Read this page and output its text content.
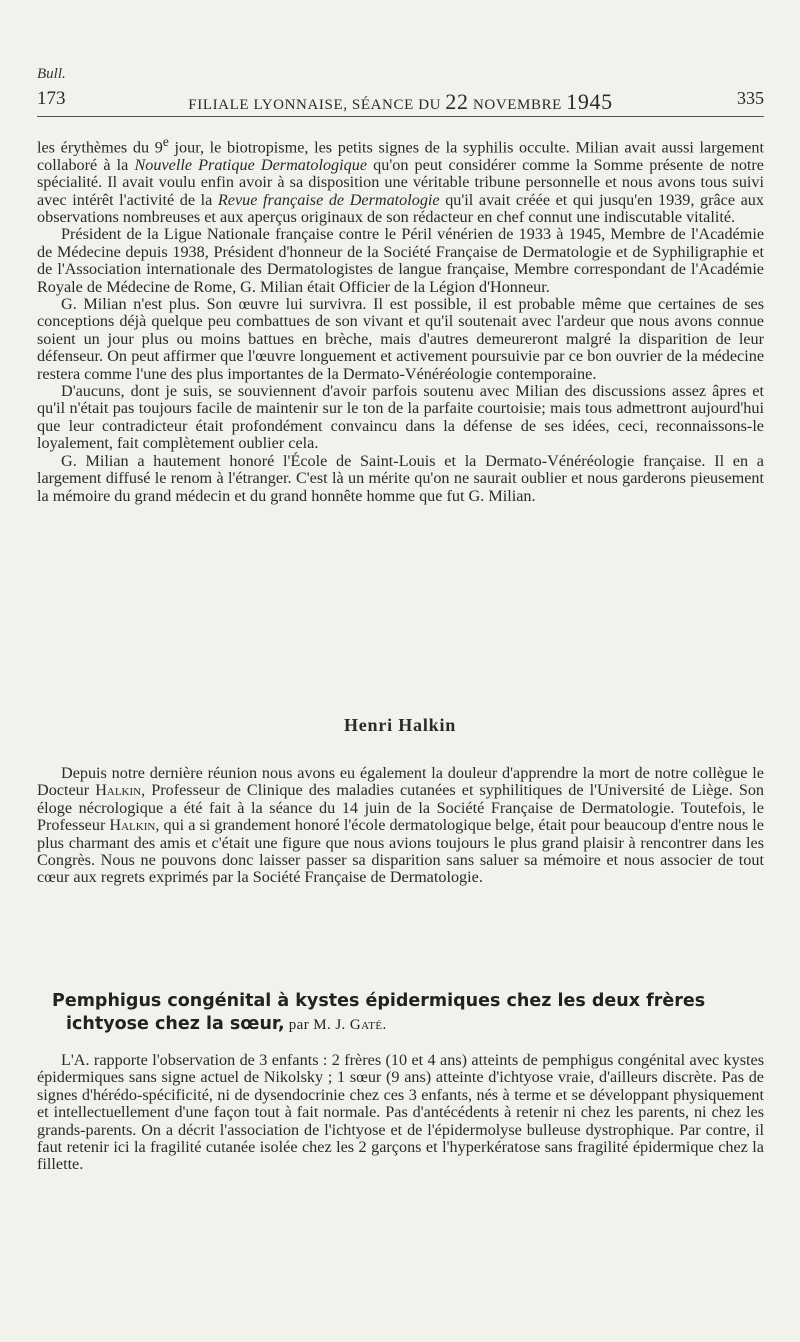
Bull.
173	FILIALE LYONNAISE, SÉANCE DU 22 NOVEMBRE 1945	335

les érythèmes du 9e jour, le biotropisme, les petits signes de la syphilis occulte. Milian avait aussi largement collaboré à la Nouvelle Pratique Dermatologique qu'on peut considérer comme la Somme présente de notre spécialité. Il avait voulu enfin avoir à sa disposition une véritable tribune personnelle et nous avons tous suivi avec intérêt l'activité de la Revue française de Dermatologie qu'il avait créée et qui jusqu'en 1939, grâce aux observations nombreuses et aux aperçus originaux de son rédacteur en chef connut une indiscutable vitalité.

Président de la Ligue Nationale française contre le Péril vénérien de 1933 à 1945, Membre de l'Académie de Médecine depuis 1938, Président d'honneur de la Société Française de Dermatologie et de Syphiligraphie et de l'Association internationale des Dermatologistes de langue française, Membre correspondant de l'Académie Royale de Médecine de Rome, G. Milian était Officier de la Légion d'Honneur.

G. Milian n'est plus. Son œuvre lui survivra. Il est possible, il est probable même que certaines de ses conceptions déjà quelque peu combattues de son vivant et qu'il soutenait avec l'ardeur que nous avons connue soient un jour plus ou moins battues en brèche, mais d'autres demeureront malgré la disparition de leur défenseur. On peut affirmer que l'œuvre longuement et activement poursuivie par ce bon ouvrier de la médecine restera comme l'une des plus importantes de la Dermato-Vénéréologie contemporaine.

D'aucuns, dont je suis, se souviennent d'avoir parfois soutenu avec Milian des discussions assez âpres et qu'il n'était pas toujours facile de maintenir sur le ton de la parfaite courtoisie; mais tous admettront aujourd'hui que leur contradicteur était profondément convaincu dans la défense de ses idées, ceci, reconnaissons-le loyalement, fait complètement oublier cela.

G. Milian a hautement honoré l'École de Saint-Louis et la Dermato-Vénéréologie française. Il en a largement diffusé le renom à l'étranger. C'est là un mérite qu'on ne saurait oublier et nous garderons pieusement la mémoire du grand médecin et du grand honnête homme que fut G. Milian.

Henri Halkin

Depuis notre dernière réunion nous avons eu également la douleur d'apprendre la mort de notre collègue le Docteur Halkin, Professeur de Clinique des maladies cutanées et syphilitiques de l'Université de Liège. Son éloge nécrologique a été fait à la séance du 14 juin de la Société Française de Dermatologie. Toutefois, le Professeur Halkin, qui a si grandement honoré l'école dermatologique belge, était pour beaucoup d'entre nous le plus charmant des amis et c'était une figure que nous avions toujours le plus grand plaisir à rencontrer dans les Congrès. Nous ne pouvons donc laisser passer sa disparition sans saluer sa mémoire et nous associer de tout cœur aux regrets exprimés par la Société Française de Dermatologie.

Pemphigus congénital à kystes épidermiques chez les deux frères
ichtyose chez la sœur, par M. J. Gaté.

L'A. rapporte l'observation de 3 enfants : 2 frères (10 et 4 ans) atteints de pemphigus congénital avec kystes épidermiques sans signe actuel de Nikolsky ; 1 sœur (9 ans) atteinte d'ichtyose vraie, d'ailleurs discrète. Pas de signes d'hérédo-spécificité, ni de dysendocrinie chez ces 3 enfants, nés à terme et se développant physiquement et intellectuellement d'une façon tout à fait normale. Pas d'antécédents à retenir ni chez les parents, ni chez les grands-parents. On a décrit l'association de l'ichtyose et de l'épidermolyse bulleuse dystrophique. Par contre, il faut retenir ici la fragilité cutanée isolée chez les 2 garçons et l'hyperkératose sans fragilité épidermique chez la fillette.
